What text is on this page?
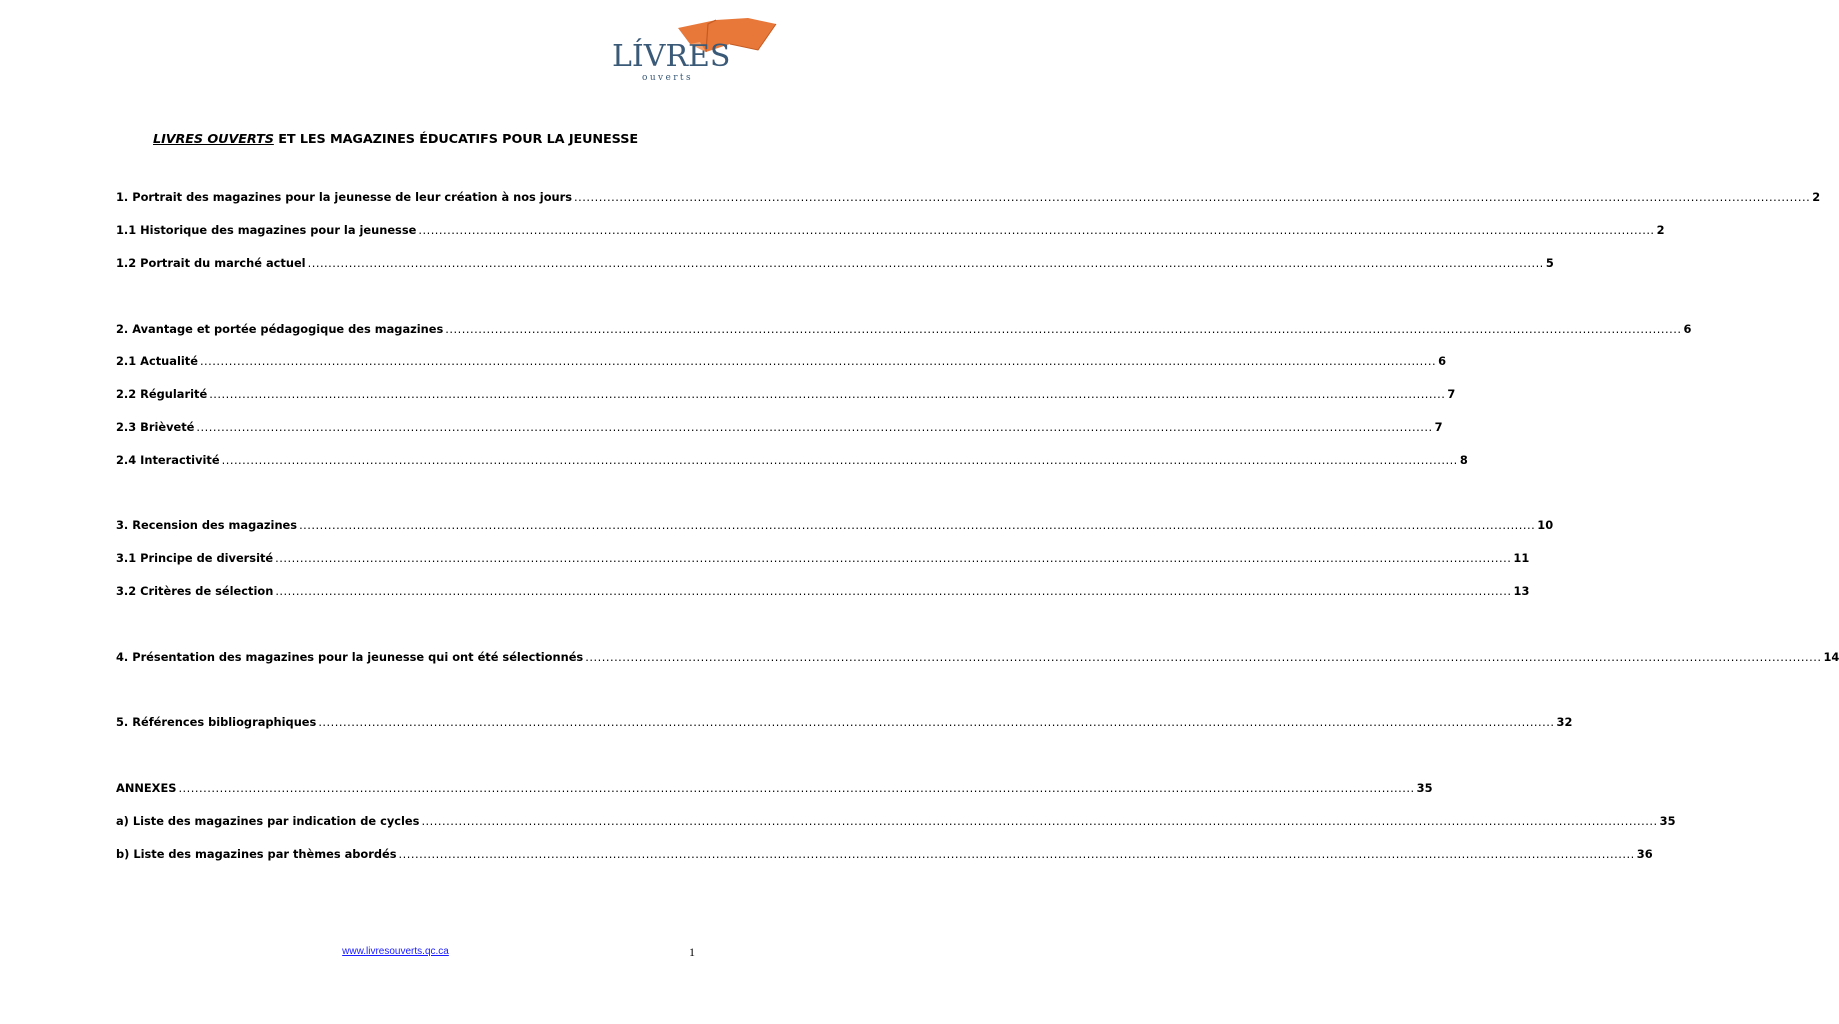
LÍVRES
ouverts
LIVRES OUVERTS ET LES MAGAZINES ÉDUCATIFS POUR LA JEUNESSE
1. Portrait des magazines pour la jeunesse de leur création à nos jours ............................................................................................................................................................................................................................................................................................................ 2
1.1 Historique des magazines pour la jeunesse ............................................................................................................................................................................................................................................................................................................ 2
1.2 Portrait du marché actuel ............................................................................................................................................................................................................................................................................................................ 5
2. Avantage et portée pédagogique des magazines ............................................................................................................................................................................................................................................................................................................ 6
2.1 Actualité ............................................................................................................................................................................................................................................................................................................ 6
2.2 Régularité ............................................................................................................................................................................................................................................................................................................ 7
2.3 Brièveté ............................................................................................................................................................................................................................................................................................................ 7
2.4 Interactivité ............................................................................................................................................................................................................................................................................................................ 8
3. Recension des magazines ............................................................................................................................................................................................................................................................................................................ 10
3.1 Principe de diversité ............................................................................................................................................................................................................................................................................................................ 11
3.2 Critères de sélection ............................................................................................................................................................................................................................................................................................................ 13
4. Présentation des magazines pour la jeunesse qui ont été sélectionnés ............................................................................................................................................................................................................................................................................................................ 14
5. Références bibliographiques ............................................................................................................................................................................................................................................................................................................ 32
ANNEXES ............................................................................................................................................................................................................................................................................................................ 35
a) Liste des magazines par indication de cycles ............................................................................................................................................................................................................................................................................................................ 35
b) Liste des magazines par thèmes abordés ............................................................................................................................................................................................................................................................................................................ 36
www.livresouverts.qc.ca	1
